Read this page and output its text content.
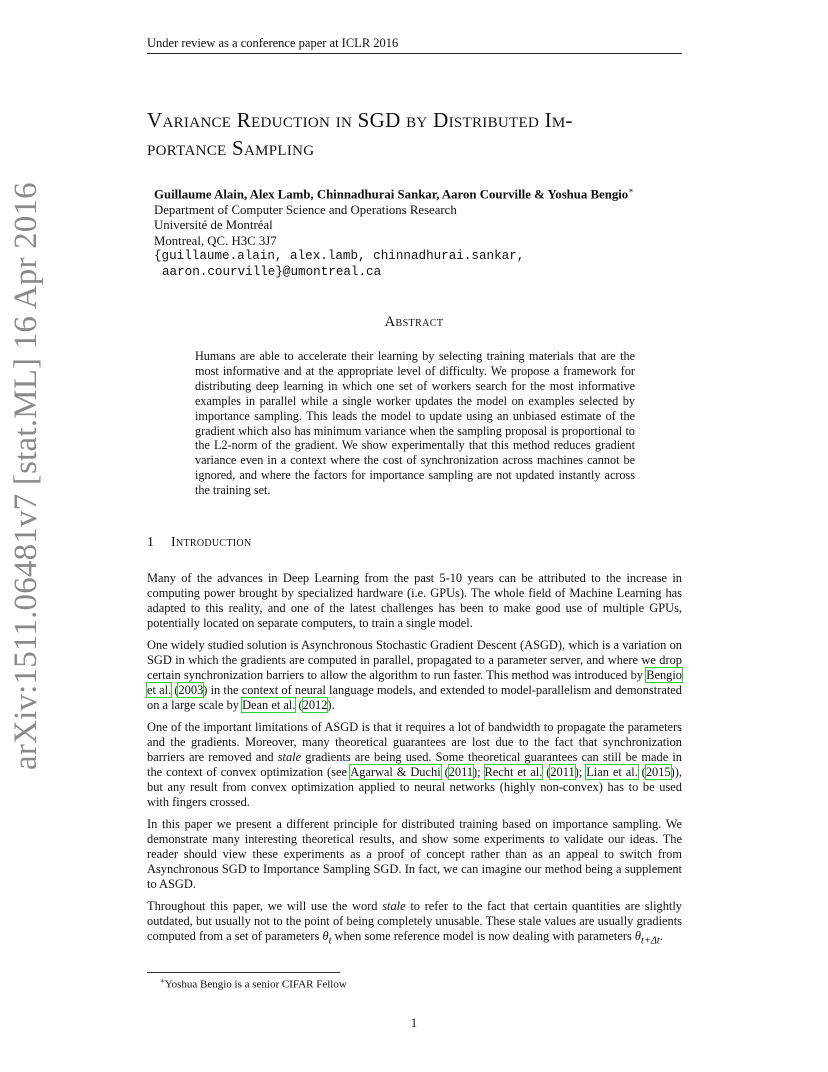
Under review as a conference paper at ICLR 2016
arXiv:1511.06481v7 [stat.ML] 16 Apr 2016
Variance Reduction in SGD by Distributed Im-
portance Sampling
Guillaume Alain, Alex Lamb, Chinnadhurai Sankar, Aaron Courville & Yoshua Bengio∗
Department of Computer Science and Operations Research
Université de Montréal
Montreal, QC. H3C 3J7
{guillaume.alain, alex.lamb, chinnadhurai.sankar,
aaron.courville}@umontreal.ca
Abstract
Humans are able to accelerate their learning by selecting training materials that are the most informative and at the appropriate level of difficulty. We propose a framework for distributing deep learning in which one set of workers search for the most informative examples in parallel while a single worker updates the model on examples selected by importance sampling. This leads the model to update using an unbiased estimate of the gradient which also has minimum variance when the sampling proposal is proportional to the L2-norm of the gradient. We show experimentally that this method reduces gradient variance even in a context where the cost of synchronization across machines cannot be ignored, and where the factors for importance sampling are not updated instantly across the training set.
1 Introduction

Many of the advances in Deep Learning from the past 5-10 years can be attributed to the increase in computing power brought by specialized hardware (i.e. GPUs). The whole field of Machine Learning has adapted to this reality, and one of the latest challenges has been to make good use of multiple GPUs, potentially located on separate computers, to train a single model.

One widely studied solution is Asynchronous Stochastic Gradient Descent (ASGD), which is a variation on SGD in which the gradients are computed in parallel, propagated to a parameter server, and where we drop certain synchronization barriers to allow the algorithm to run faster. This method was introduced by Bengio et al. (2003) in the context of neural language models, and extended to model-parallelism and demonstrated on a large scale by Dean et al. (2012).

One of the important limitations of ASGD is that it requires a lot of bandwidth to propagate the parameters and the gradients. Moreover, many theoretical guarantees are lost due to the fact that synchronization barriers are removed and stale gradients are being used. Some theoretical guarantees can still be made in the context of convex optimization (see Agarwal & Duchi (2011); Recht et al. (2011); Lian et al. (2015)), but any result from convex optimization applied to neural networks (highly non-convex) has to be used with fingers crossed.

In this paper we present a different principle for distributed training based on importance sampling. We demonstrate many interesting theoretical results, and show some experiments to validate our ideas. The reader should view these experiments as a proof of concept rather than as an appeal to switch from Asynchronous SGD to Importance Sampling SGD. In fact, we can imagine our method being a supplement to ASGD.

Throughout this paper, we will use the word stale to refer to the fact that certain quantities are slightly outdated, but usually not to the point of being completely unusable. These stale values are usually gradients computed from a set of parameters $\theta_t$ when some reference model is now dealing with parameters $\theta_{t+\Delta t}$.

∗Yoshua Bengio is a senior CIFAR Fellow
1
